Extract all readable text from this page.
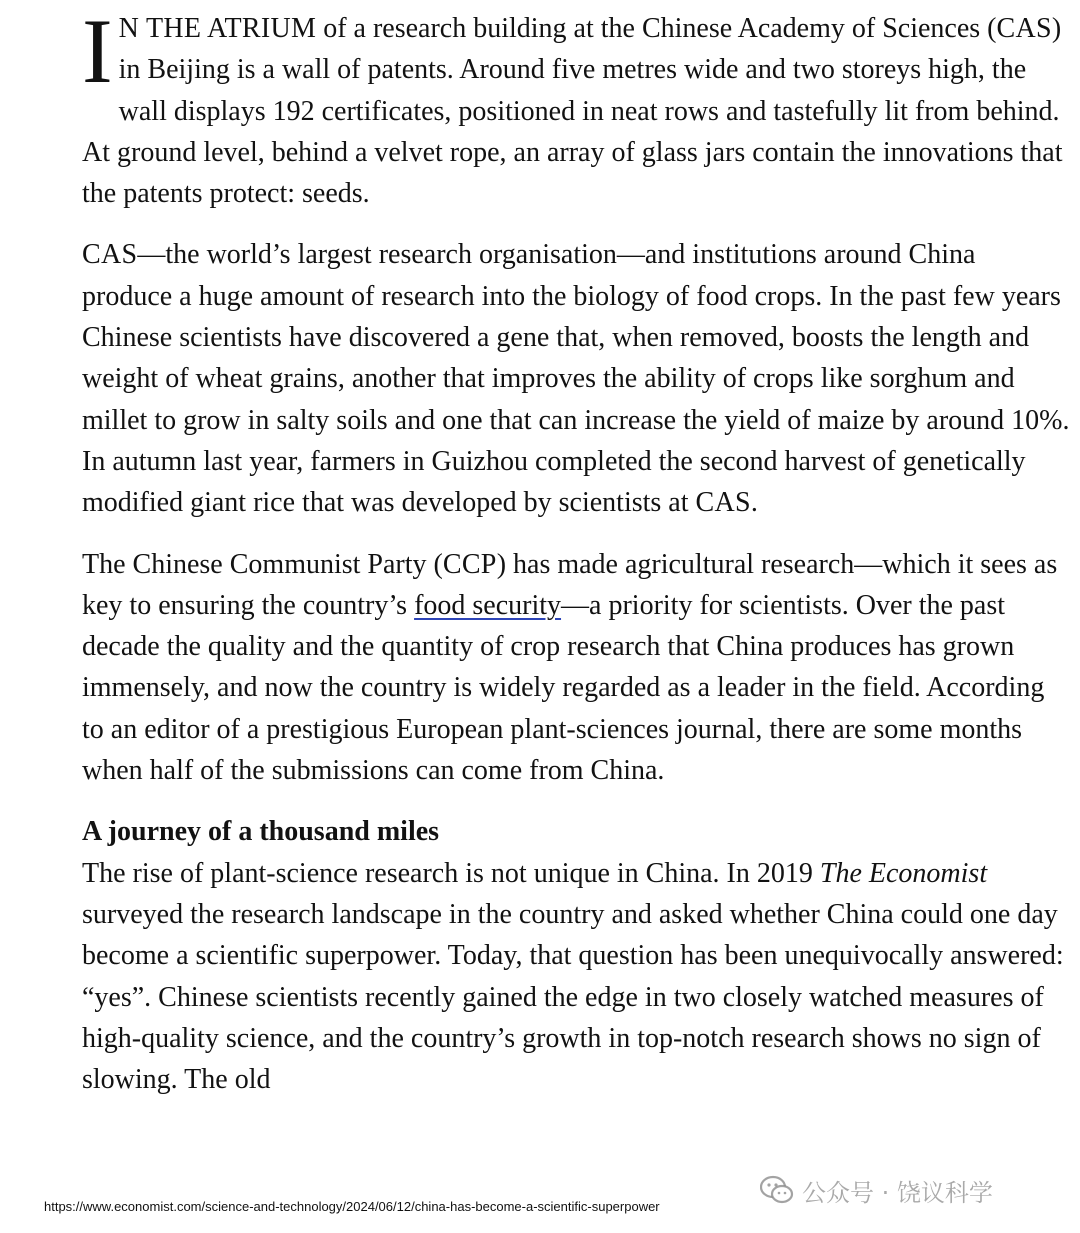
I N THE ATRIUM of a research building at the Chinese Academy of Sciences (CAS) in Beijing is a wall of patents. Around five metres wide and two storeys high, the wall displays 192 certificates, positioned in neat rows and tastefully lit from behind. At ground level, behind a velvet rope, an array of glass jars contain the innovations that the patents protect: seeds.

CAS—the world’s largest research organisation—and institutions around China produce a huge amount of research into the biology of food crops. In the past few years Chinese scientists have discovered a gene that, when removed, boosts the length and weight of wheat grains, another that improves the ability of crops like sorghum and millet to grow in salty soils and one that can increase the yield of maize by around 10%. In autumn last year, farmers in Guizhou completed the second harvest of genetically modified giant rice that was developed by scientists at CAS.

The Chinese Communist Party (CCP) has made agricultural research—which it sees as key to ensuring the country’s food security—a priority for scientists. Over the past decade the quality and the quantity of crop research that China produces has grown immensely, and now the country is widely regarded as a leader in the field. According to an editor of a prestigious European plant-sciences journal, there are some months when half of the submissions can come from China.

A journey of a thousand miles

The rise of plant-science research is not unique in China. In 2019 The Economist surveyed the research landscape in the country and asked whether China could one day become a scientific superpower. Today, that question has been unequivocally answered: “yes”. Chinese scientists recently gained the edge in two closely watched measures of high-quality science, and the country’s growth in top-notch research shows no sign of slowing. The old

公众号 · 饶议科学
https://www.economist.com/science-and-technology/2024/06/12/china-has-become-a-scientific-superpower
